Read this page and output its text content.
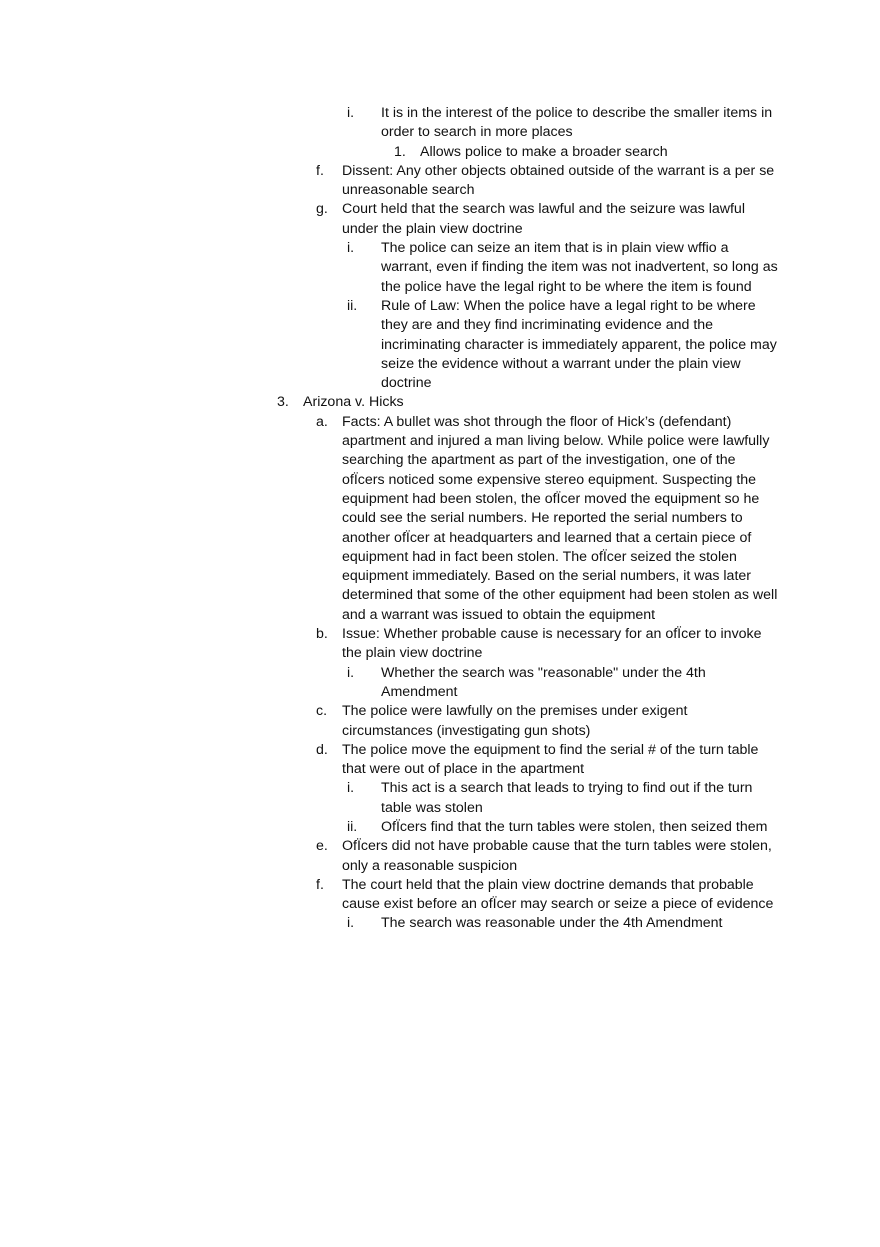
i. It is in the interest of the police to describe the smaller items in order to search in more places
1. Allows police to make a broader search
f. Dissent: Any other objects obtained outside of the warrant is a per se unreasonable search
g. Court held that the search was lawful and the seizure was lawful under the plain view doctrine
i. The police can seize an item that is in plain view wffio a warrant, even if finding the item was not inadvertent, so long as the police have the legal right to be where the item is found
ii. Rule of Law: When the police have a legal right to be where they are and they find incriminating evidence and the incriminating character is immediately apparent, the police may seize the evidence without a warrant under the plain view doctrine
3. Arizona v. Hicks
a. Facts: A bullet was shot through the floor of Hick’s (defendant) apartment and injured a man living below. While police were lawfully searching the apartment as part of the investigation, one of the ofÏcers noticed some expensive stereo equipment. Suspecting the equipment had been stolen, the ofÏcer moved the equipment so he could see the serial numbers. He reported the serial numbers to another ofÏcer at headquarters and learned that a certain piece of equipment had in fact been stolen. The ofÏcer seized the stolen equipment immediately. Based on the serial numbers, it was later determined that some of the other equipment had been stolen as well and a warrant was issued to obtain the equipment
b. Issue: Whether probable cause is necessary for an ofÏcer to invoke the plain view doctrine
i. Whether the search was "reasonable" under the 4th Amendment
c. The police were lawfully on the premises under exigent circumstances (investigating gun shots)
d. The police move the equipment to find the serial # of the turn table that were out of place in the apartment
i. This act is a search that leads to trying to find out if the turn table was stolen
ii. OfÏcers find that the turn tables were stolen, then seized them
e. OfÏcers did not have probable cause that the turn tables were stolen, only a reasonable suspicion
f. The court held that the plain view doctrine demands that probable cause exist before an ofÏcer may search or seize a piece of evidence
i. The search was reasonable under the 4th Amendment
